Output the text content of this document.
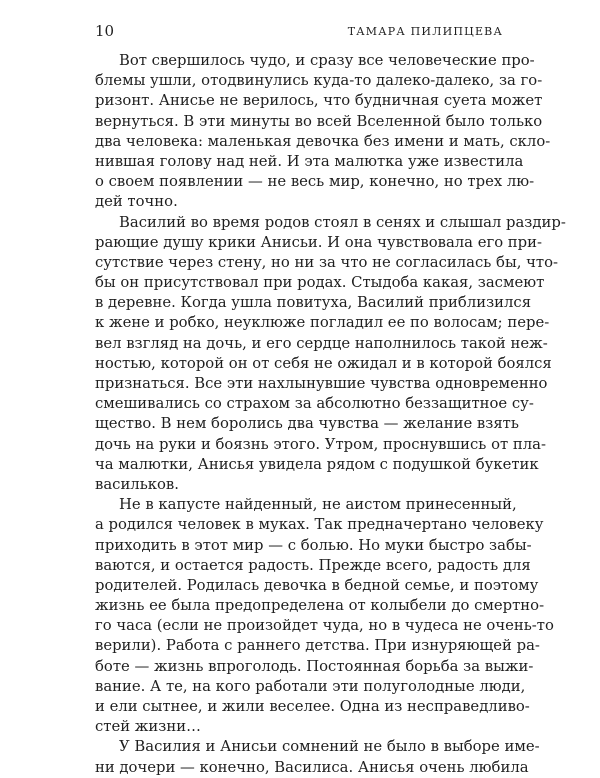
10	ТАМАРА ПИЛИПЦЕВА
Вот свершилось чудо, и сразу все человеческие про-
блемы ушли, отодвинулись куда-то далеко-далеко, за го-
ризонт. Анисье не верилось, что будничная суета может
вернуться. В эти минуты во всей Вселенной было только
два человека: маленькая девочка без имени и мать, скло-
нившая голову над ней. И эта малютка уже известила
о своем появлении — не весь мир, конечно, но трех лю-
дей точно.
Василий во время родов стоял в сенях и слышал раздир-
рающие душу крики Анисьи. И она чувствовала его при-
сутствие через стену, но ни за что не согласилась бы, что-
бы он присутствовал при родах. Стыдоба какая, засмеют
в деревне. Когда ушла повитуха, Василий приблизился
к жене и робко, неуклюже погладил ее по волосам; пере-
вел взгляд на дочь, и его сердце наполнилось такой неж-
ностью, которой он от себя не ожидал и в которой боялся
признаться. Все эти нахлынувшие чувства одновременно
смешивались со страхом за абсолютно беззащитное су-
щество. В нем боролись два чувства — желание взять
дочь на руки и боязнь этого. Утром, проснувшись от пла-
ча малютки, Анисья увидела рядом с подушкой букетик
васильков.
Не в капусте найденный, не аистом принесенный,
а родился человек в муках. Так предначертано человеку
приходить в этот мир — с болью. Но муки быстро забы-
ваются, и остается радость. Прежде всего, радость для
родителей. Родилась девочка в бедной семье, и поэтому
жизнь ее была предопределена от колыбели до смертно-
го часа (если не произойдет чуда, но в чудеса не очень-то
верили). Работа с раннего детства. При изнуряющей ра-
боте — жизнь впроголодь. Постоянная борьба за выжи-
вание. А те, на кого работали эти полуголодные люди,
и ели сытнее, и жили веселее. Одна из несправедливо-
стей жизни…
У Василия и Анисьи сомнений не было в выборе име-
ни дочери — конечно, Василиса. Анисья очень любила
